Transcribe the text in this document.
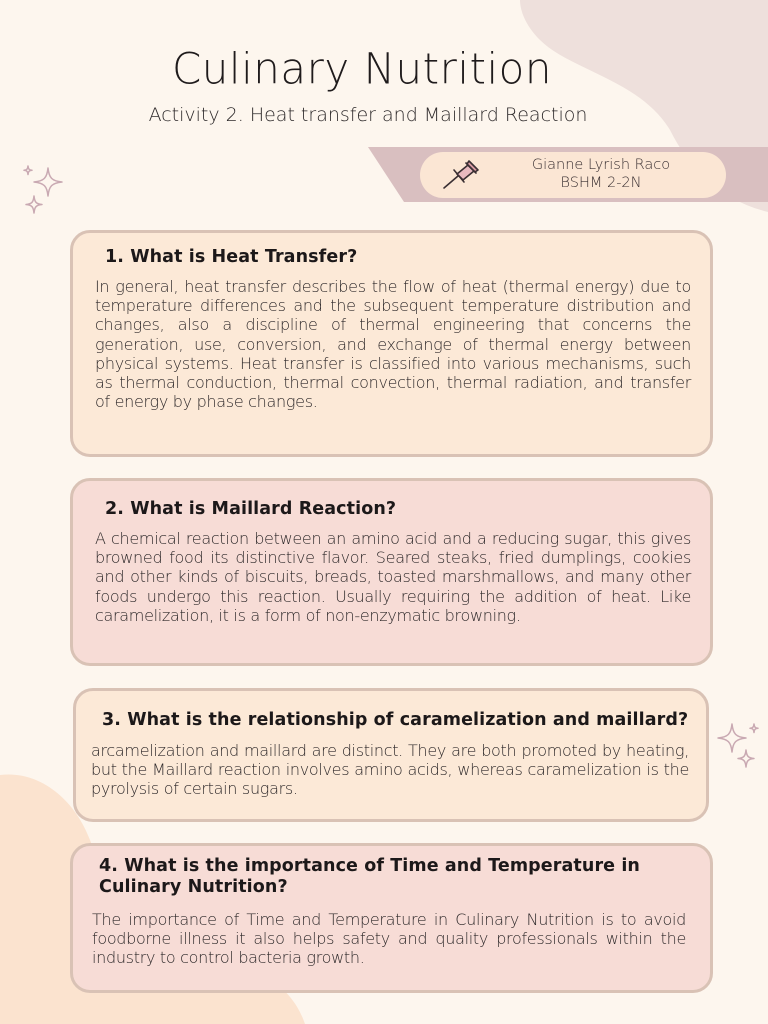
Culinary Nutrition

Activity 2. Heat transfer and Maillard Reaction

Gianne Lyrish Raco

BSHM 2-2N

1. What is Heat Transfer?

In general, heat transfer describes the flow of heat (thermal energy) due to temperature differences and the subsequent temperature distribution and changes, also a discipline of thermal engineering that concerns the generation, use, conversion, and exchange of thermal energy between physical systems. Heat transfer is classified into various mechanisms, such as thermal conduction, thermal convection, thermal radiation, and transfer of energy by phase changes.

2. What is Maillard Reaction?

A chemical reaction between an amino acid and a reducing sugar, this gives browned food its distinctive flavor. Seared steaks, fried dumplings, cookies and other kinds of biscuits, breads, toasted marshmallows, and many other foods undergo this reaction. Usually requiring the addition of heat. Like caramelization, it is a form of non-enzymatic browning.

3. What is the relationship of caramelization and maillard?

arcamelization and maillard are distinct. They are both promoted by heating, but the Maillard reaction involves amino acids, whereas caramelization is the pyrolysis of certain sugars.

4. What is the importance of Time and Temperature in Culinary Nutrition?

The importance of Time and Temperature in Culinary Nutrition is to avoid foodborne illness it also helps safety and quality professionals within the industry to control bacteria growth.
